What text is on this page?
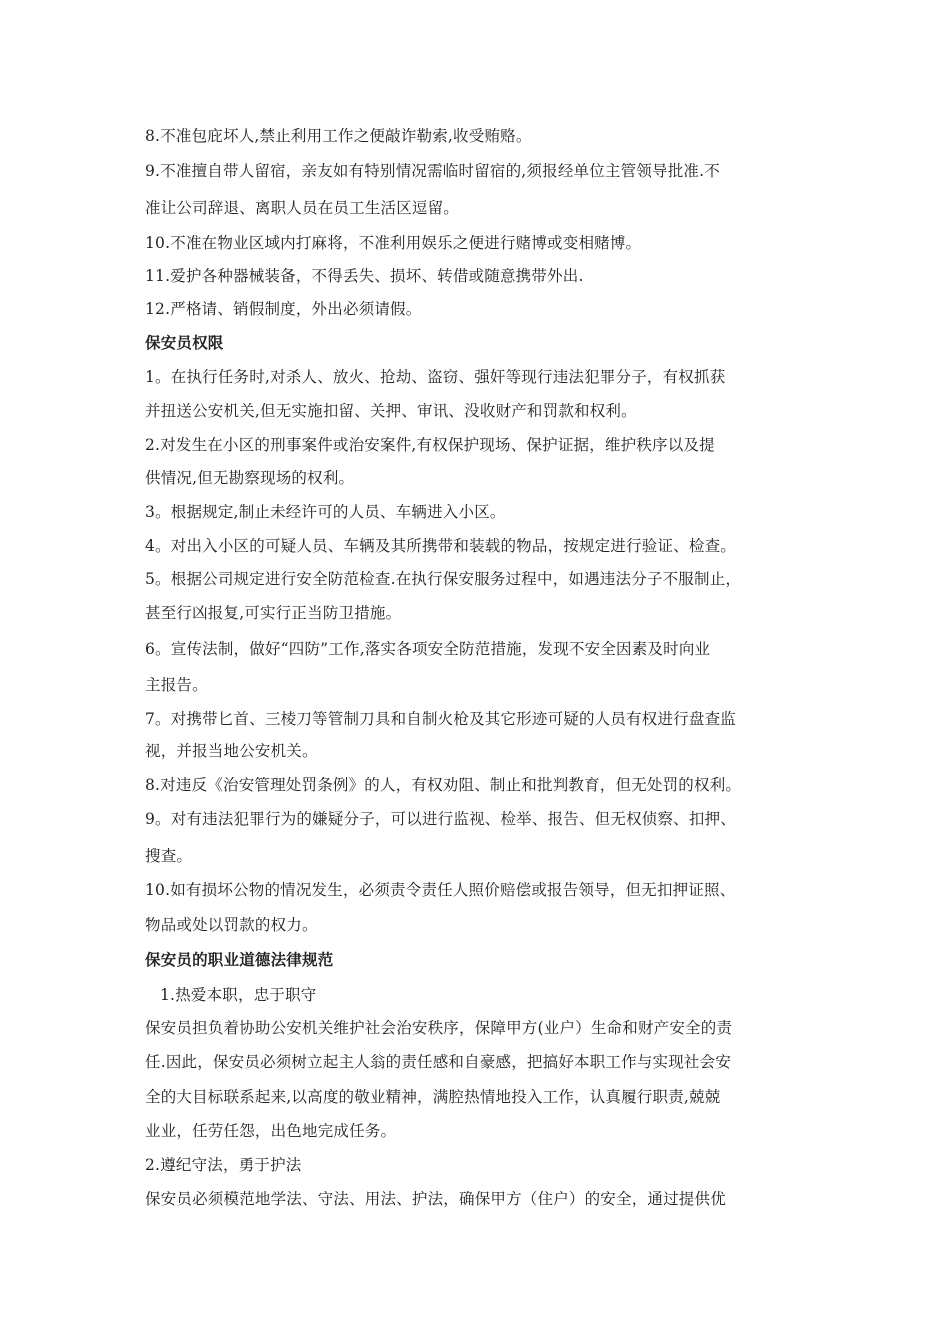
8.不准包庇坏人,禁止利用工作之便敲诈勒索,收受贿赂。
9.不准擅自带人留宿，亲友如有特别情况需临时留宿的,须报经单位主管领导批准.不
准让公司辞退、离职人员在员工生活区逗留。
10.不准在物业区域内打麻将，不准利用娱乐之便进行赌博或变相赌博。
11.爱护各种器械装备，不得丢失、损坏、转借或随意携带外出.
12.严格请、销假制度，外出必须请假。
保安员权限
1。在执行任务时,对杀人、放火、抢劫、盗窃、强奸等现行违法犯罪分子，有权抓获
并扭送公安机关,但无实施扣留、关押、审讯、没收财产和罚款和权利。
2.对发生在小区的刑事案件或治安案件,有权保护现场、保护证据，维护秩序以及提
供情况,但无勘察现场的权利。
3。根据规定,制止未经许可的人员、车辆进入小区。
4。对出入小区的可疑人员、车辆及其所携带和装载的物品，按规定进行验证、检查。
5。根据公司规定进行安全防范检查.在执行保安服务过程中，如遇违法分子不服制止，
甚至行凶报复,可实行正当防卫措施。
6。宣传法制，做好“四防”工作,落实各项安全防范措施，发现不安全因素及时向业
主报告。
7。对携带匕首、三棱刀等管制刀具和自制火枪及其它形迹可疑的人员有权进行盘查监
视，并报当地公安机关。
8.对违反《治安管理处罚条例》的人，有权劝阻、制止和批判教育，但无处罚的权利。
9。对有违法犯罪行为的嫌疑分子，可以进行监视、检举、报告、但无权侦察、扣押、
搜查。
10.如有损坏公物的情况发生，必须责令责任人照价赔偿或报告领导，但无扣押证照、
物品或处以罚款的权力。
保安员的职业道德法律规范
1.热爱本职，忠于职守
保安员担负着协助公安机关维护社会治安秩序，保障甲方(业户）生命和财产安全的责
任.因此，保安员必须树立起主人翁的责任感和自豪感，把搞好本职工作与实现社会安
全的大目标联系起来,以高度的敬业精神，满腔热情地投入工作，认真履行职责,兢兢
业业，任劳任怨，出色地完成任务。
2.遵纪守法，勇于护法
保安员必须模范地学法、守法、用法、护法，确保甲方（住户）的安全，通过提供优
